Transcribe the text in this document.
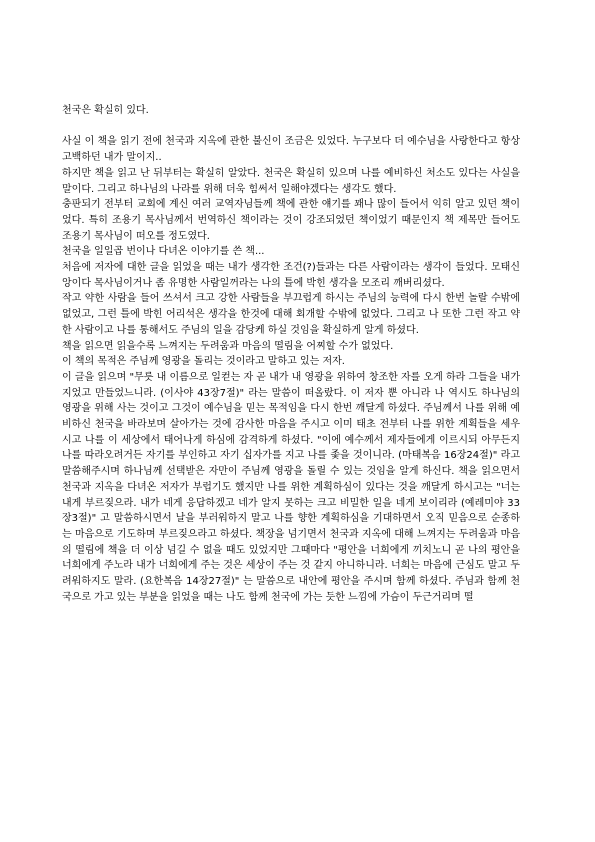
천국은 확실히 있다.

사실 이 책을 읽기 전에 천국과 지옥에 관한 불신이 조금은 있었다. 누구보다 더 예수님을 사랑한다고 항상 고백하던 내가 말이지..

하지만 책을 읽고 난 뒤부터는 확실히 알았다. 천국은 확실히 있으며 나를 예비하신 처소도 있다는 사실을 말이다. 그리고 하나님의 나라를 위해 더욱 힘써서 일해야겠다는 생각도 했다.

충판되기 전부터 교회에 계신 여러 교역자님들께 책에 관한 얘기를 꽤나 많이 들어서 익히 알고 있던 책이었다. 특히 조용기 목사님께서 번역하신 책이라는 것이 강조되었던 책이었기 때문인지 책 제목만 들어도 조용기 목사님이 떠오를 정도였다.

천국을 일일곱 번이나 다녀온 이야기를 쓴 책...

처음에 저자에 대한 글을 읽었을 때는 내가 생각한 조건(?)들과는 다른 사람이라는 생각이 들었다. 모태신앙이다 목사님이거나 좀 유명한 사람일꺼라는 나의 틀에 박힌 생각을 모조리 깨버리셨다.

작고 약한 사람을 들어 쓰셔서 크고 강한 사람들을 부끄럽게 하시는 주님의 능력에 다시 한번 놀랄 수밖에 없었고, 그런 틀에 박힌 어리석은 생각을 한것에 대해 회개할 수밖에 없었다. 그리고 나 또한 그런 작고 약한 사람이고 나를 통해서도 주님의 일을 감당케 하실 것임을 확실하게 알게 하셨다.

책을 읽으면 읽을수록 느껴지는 두려움과 마음의 떨림을 어찌할 수가 없었다.

이 책의 목적은 주님께 영광을 돌리는 것이라고 말하고 있는 저자.

이 글을 읽으며 "무릇 내 이름으로 일컫는 자 곧 내가 내 영광을 위하여 창조한 자를 오게 하라 그들을 내가 지었고 만들었느니라. (이사야 43장7절)" 라는 말씀이 떠올랐다. 이 저자 뿐 아니라 나 역시도 하나님의 영광을 위해 사는 것이고 그것이 예수님을 믿는 목적임을 다시 한번 깨달게 하셨다. 주님께서 나를 위해 예비하신 천국을 바라보며 살아가는 것에 감사한 마음을 주시고 이미 태초 전부터 나를 위한 계획들을 세우시고 나를 이 세상에서 태어나게 하심에 감격하게 하셨다. "이에 예수께서 제자들에게 이르시되 아무든지 나를 따라오려거든 자기를 부인하고 자기 십자가를 지고 나를 좇을 것이니라. (마태복음 16장24절)" 라고 말씀해주시며 하나님께 선택받은 자만이 주님께 영광을 돌릴 수 있는 것임을 알게 하신다. 책을 읽으면서 천국과 지옥을 다녀온 저자가 부럽기도 했지만 나를 위한 계획하심이 있다는 것을 깨달게 하시고는 "너는 내게 부르짖으라. 내가 네게 응답하겠고 네가 알지 못하는 크고 비밀한 일을 네게 보이리라 (예레미야 33장3절)" 고 말씀하시면서 날을 부러워하지 말고 나를 향한 계획하심을 기대하면서 오직 믿음으로 순종하는 마음으로 기도하며 부르짖으라고 하셨다. 책장을 넘기면서 천국과 지옥에 대해 느껴지는 두려움과 마음의 떨림에 책을 더 이상 넘길 수 없을 때도 있었지만 그때마다 "평안을 너희에게 끼치노니 곧 나의 평안을 너희에게 주노라 내가 너희에게 주는 것은 세상이 주는 것 같지 아니하니라. 너희는 마음에 근심도 말고 두려워하지도 말라. (요한복음 14장27절)" 는 말씀으로 내안에 평안을 주시며 함께 하셨다. 주님과 함께 천국으로 가고 있는 부분을 읽었을 때는 나도 함께 천국에 가는 듯한 느낌에 가슴이 두근거리며 떨
